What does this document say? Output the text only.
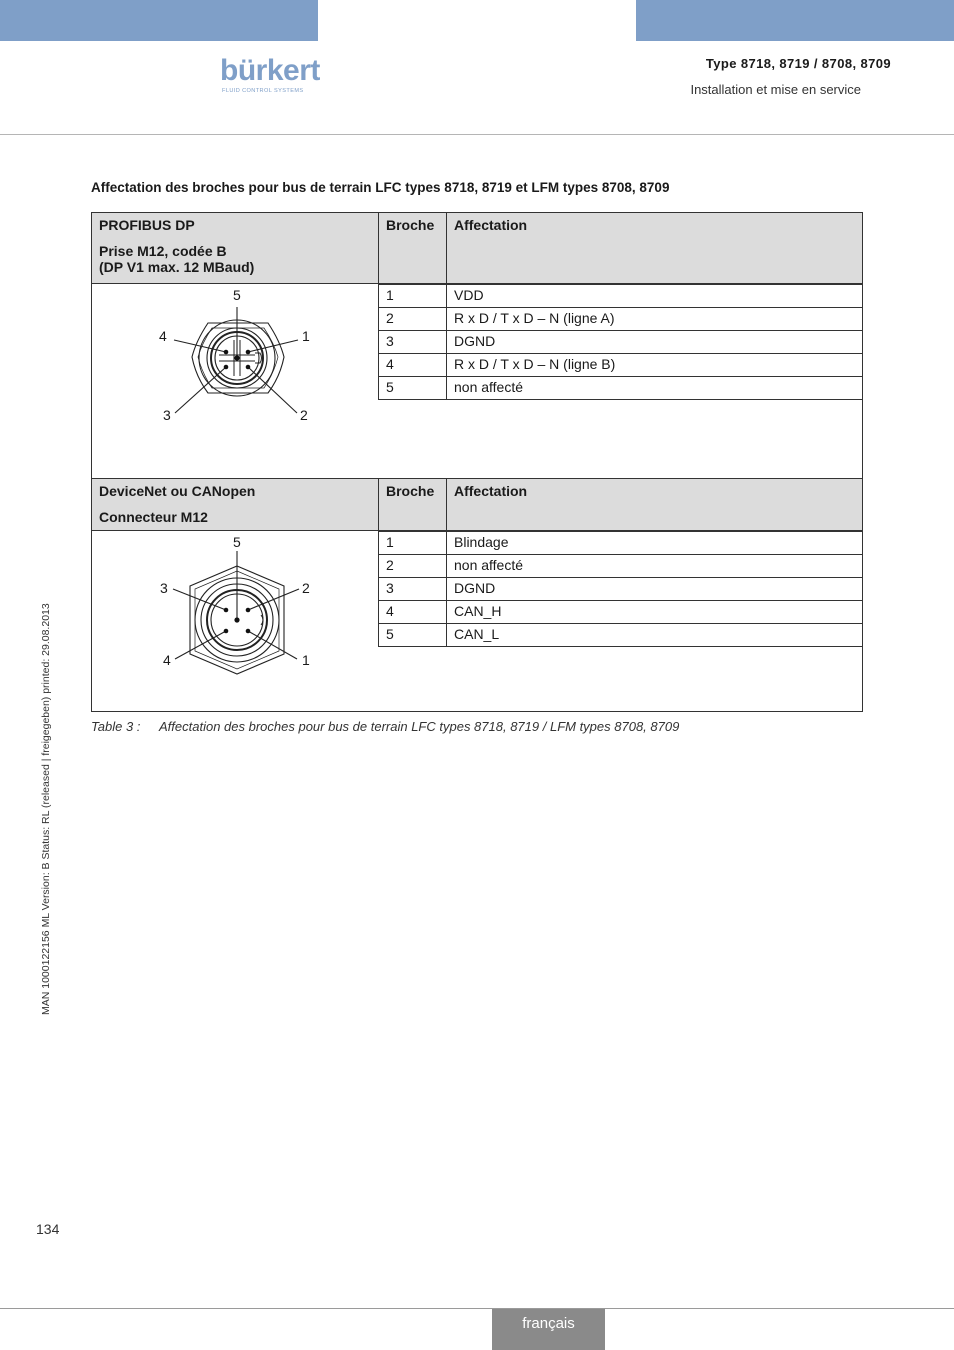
bürkert
FLUID CONTROL SYSTEMS
Type 8718, 8719 / 8708, 8709
Installation et mise en service
Affectation des broches pour bus de terrain LFC types 8718, 8719 et LFM types 8708, 8709
PROFIBUS DP
Prise M12, codée B
(DP V1 max. 12 MBaud)
Broche	Affectation
5
4	1
3	2
1	VDD
2	R x D / T x D – N (ligne A)
3	DGND
4	R x D / T x D – N (ligne B)
5	non affecté
DeviceNet ou CANopen
Connecteur M12
Broche	Affectation
5
3	2
4	1
1	Blindage
2	non affecté
3	DGND
4	CAN_H
5	CAN_L
Table 3 : Affectation des broches pour bus de terrain LFC types 8718, 8719 / LFM types 8708, 8709
MAN 1000122156 ML Version: B Status: RL (released | freigegeben) printed: 29.08.2013
134
français
